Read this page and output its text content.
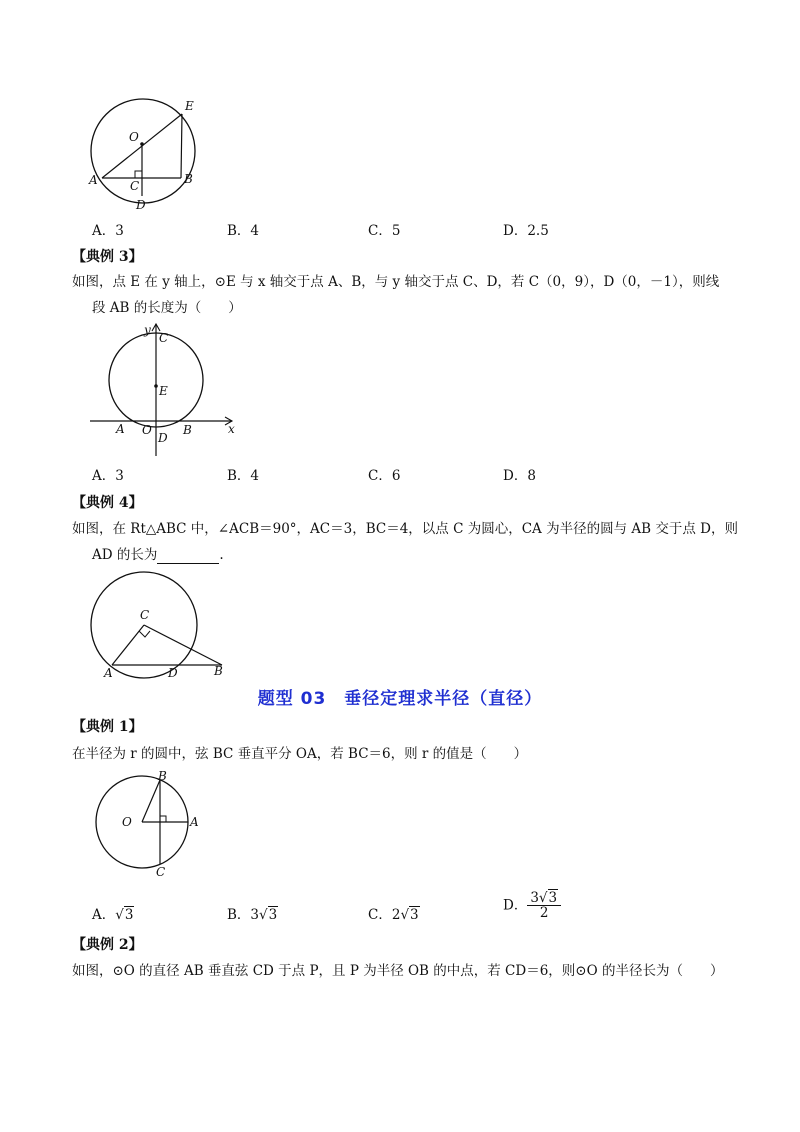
E
O
A	C	B
D
A．3	B．4	C．5	D．2.5
【典例 3】
如图，点 E 在 y 轴上，⊙E 与 x 轴交于点 A、B，与 y 轴交于点 C、D，若 C（0，9），D（0，－1），则线
段 AB 的长度为（　　）
y
C
E
A O
D
B	x
A．3	B．4	C．6	D．8
【典例 4】
如图，在 Rt△ABC 中，∠ACB＝90°，AC＝3，BC＝4，以点 C 为圆心，CA 为半径的圆与 AB 交于点 D，则
AD 的长为	.
C
A	D	B
题型 03　垂径定理求半径（直径）
【典例 1】
在半径为 r 的圆中，弦 BC 垂直平分 OA，若 BC＝6，则 r 的值是（　　）
B
O	A
C
A．√3	B．3√3	C．2√3
D． $\frac{3√3}{2}$
【典例 2】
如图，⊙O 的直径 AB 垂直弦 CD 于点 P，且 P 为半径 OB 的中点，若 CD＝6，则⊙O 的半径长为（　　）
